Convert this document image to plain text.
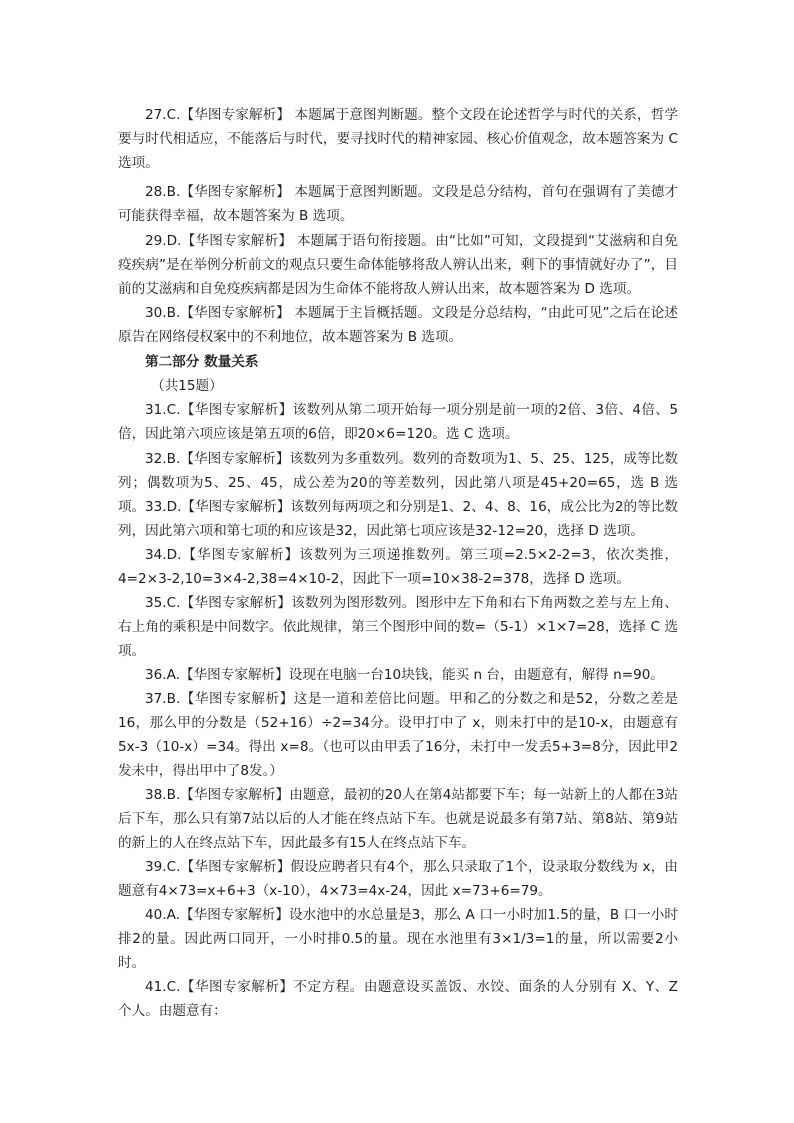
27.C.【华图专家解析】 本题属于意图判断题。整个文段在论述哲学与时代的关系，哲学要与时代相适应，不能落后与时代，要寻找时代的精神家园、核心价值观念，故本题答案为 C 选项。

28.B.【华图专家解析】 本题属于意图判断题。文段是总分结构，首句在强调有了美德才可能获得幸福，故本题答案为 B 选项。

29.D.【华图专家解析】 本题属于语句衔接题。由“比如”可知，文段提到“艾滋病和自免疫疾病”是在举例分析前文的观点只要生命体能够将敌人辨认出来，剩下的事情就好办了”，目前的艾滋病和自免疫疾病都是因为生命体不能将敌人辨认出来，故本题答案为 D 选项。

30.B.【华图专家解析】 本题属于主旨概括题。文段是分总结构，“由此可见”之后在论述原告在网络侵权案中的不利地位，故本题答案为 B 选项。

第二部分 数量关系

（共15题）

31.C.【华图专家解析】该数列从第二项开始每一项分别是前一项的2倍、3倍、4倍、5倍，因此第六项应该是第五项的6倍，即20×6=120。选 C 选项。

32.B.【华图专家解析】该数列为多重数列。数列的奇数项为1、5、25、125，成等比数列；偶数项为5、25、45，成公差为20的等差数列，因此第八项是45+20=65，选 B 选项。 33.D.【华图专家解析】该数列每两项之和分别是1、2、4、8、16，成公比为2的等比数列，因此第六项和第七项的和应该是32，因此第七项应该是32-12=20，选择 D 选项。

34.D.【华图专家解析】该数列为三项递推数列。第三项=2.5×2-2=3，依次类推，4=2×3-2,10=3×4-2,38=4×10-2，因此下一项=10×38-2=378，选择 D 选项。

35.C.【华图专家解析】该数列为图形数列。图形中左下角和右下角两数之差与左上角、右上角的乘积是中间数字。依此规律，第三个图形中间的数=（5-1）×1×7=28，选择 C 选项。

36.A.【华图专家解析】设现在电脑一台10块钱，能买 n 台，由题意有，解得 n=90。

37.B.【华图专家解析】这是一道和差倍比问题。甲和乙的分数之和是52，分数之差是16，那么甲的分数是（52+16）÷2=34分。设甲打中了 x，则未打中的是10-x，由题意有5x-3（10-x）=34。得出 x=8。（也可以由甲丢了16分，未打中一发丢5+3=8分，因此甲2发未中，得出甲中了8发。）

38.B.【华图专家解析】由题意，最初的20人在第4站都要下车；每一站新上的人都在3站后下车，那么只有第7站以后的人才能在终点站下车。也就是说最多有第7站、第8站、第9站的新上的人在终点站下车，因此最多有15人在终点站下车。

39.C.【华图专家解析】假设应聘者只有4个，那么只录取了1个，设录取分数线为 x，由题意有4×73=x+6+3（x-10），4×73=4x-24，因此 x=73+6=79。

40.A.【华图专家解析】设水池中的水总量是3，那么 A 口一小时加1.5的量，B 口一小时排2的量。因此两口同开，一小时排0.5的量。现在水池里有3×1/3=1的量，所以需要2小时。

41.C.【华图专家解析】不定方程。由题意设买盖饭、水饺、面条的人分别有 X、Y、Z 个人。由题意有：
